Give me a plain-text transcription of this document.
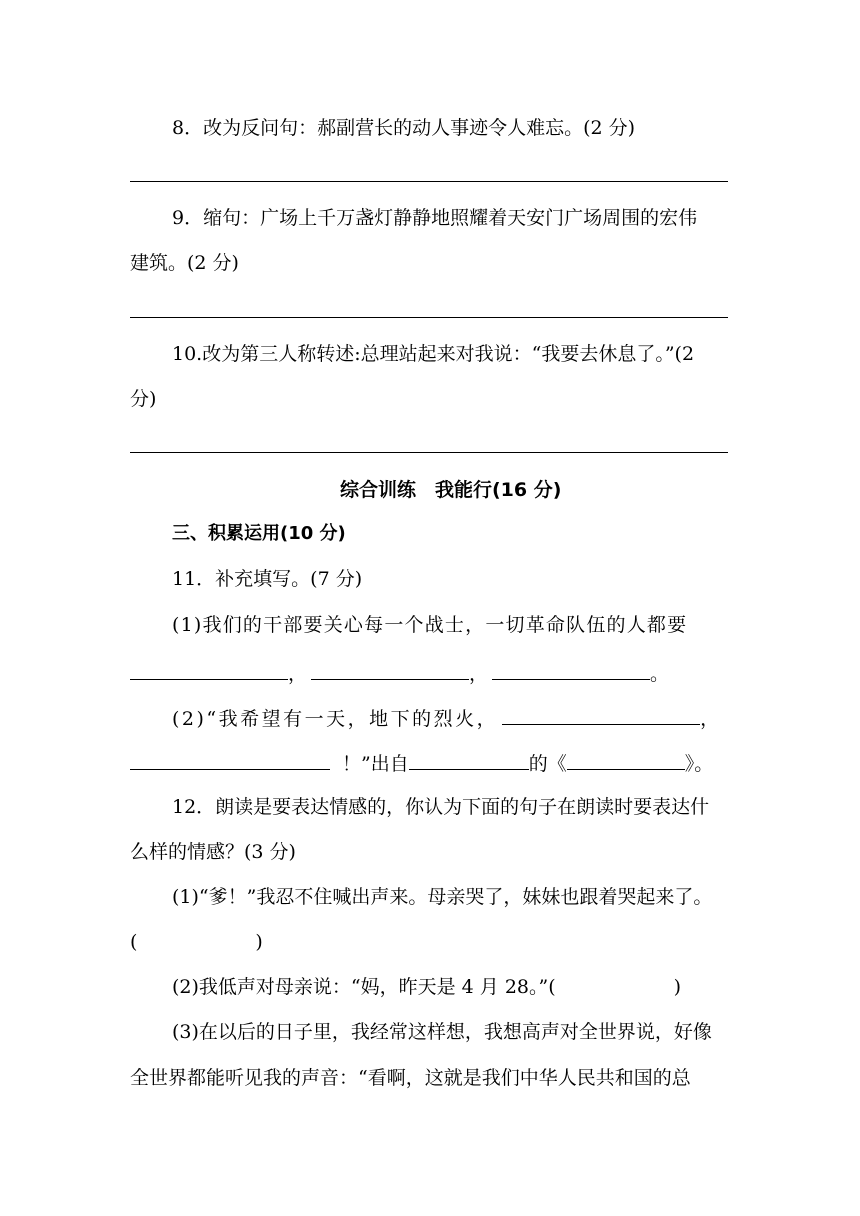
8．改为反问句：郝副营长的动人事迹令人难忘。(2 分)
9．缩句：广场上千万盏灯静静地照耀着天安门广场周围的宏伟
建筑。(2 分)
10.改为第三人称转述:总理站起来对我说：“我要去休息了。”(2
分)
综合训练　我能行(16 分)
三、积累运用(10 分)
11．补充填写。(7 分)
(1)我们的干部要关心每一个战士，一切革命队伍的人都要
，	，	。
(2)“我希望有一天，地下的烈火，	，
！”出自	的《	》。
12．朗读是要表达情感的，你认为下面的句子在朗读时要表达什
么样的情感？(3 分)
(1)“爹！”我忍不住喊出声来。母亲哭了，妹妹也跟着哭起来了。
(	)
(2)我低声对母亲说：“妈，昨天是 4 月 28。”(	)
(3)在以后的日子里，我经常这样想，我想高声对全世界说，好像
全世界都能听见我的声音：“看啊，这就是我们中华人民共和国的总
